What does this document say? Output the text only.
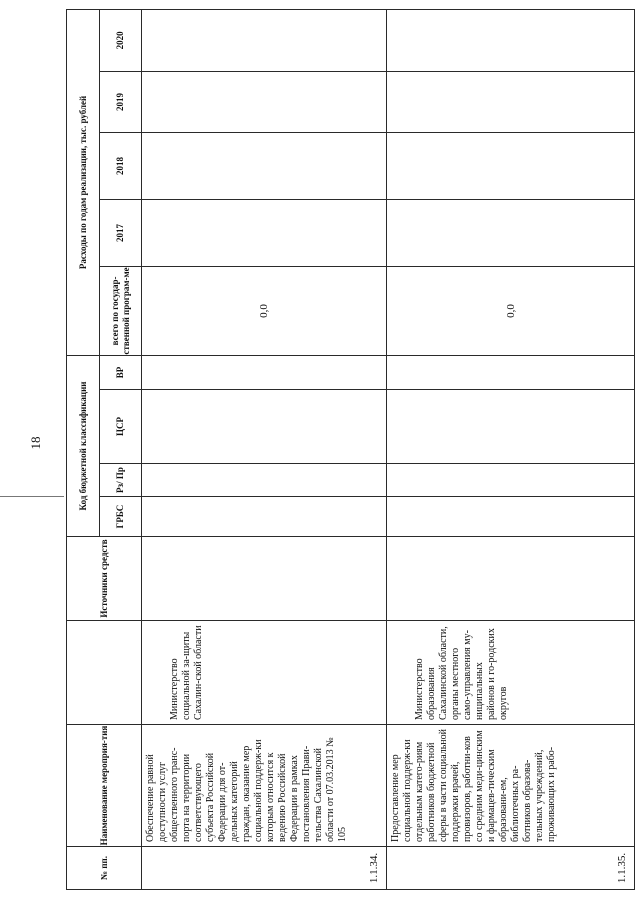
18
№ пп.	Наименование мероприя-тия		Источники средств	Код бюджетной классификации				Расходы по годам реализации, тыс. рублей				
				ГРБС	Рз/ Пр	ЦСР	ВР	всего по государ-ственной програм-ме	2017	2018	2019	2020
1.1.34.	Обеспечение равной доступности услуг общественного транс-порта на территории соответствующего субъекта Российской Федерации для от-дельных категорий граждан, оказание мер социальной поддерж-ки которым относится к ведению Российской Федерации в рамках постановления Прави-тельства Сахалинской области от 07.03.2013 № 105	Министерство социальной за-щиты Сахалин-ской области						0,0				
1.1.35.	Предоставление мер социальной поддерж-ки отдельным катего-риям работников бюджетной сферы в части социальной поддержки врачей, провизоров, работни-ков со средним меди-цинским и фармацев-тическим образовани-ем, библиотечных ра-ботников образова-тельных учреждений, проживающих и рабо-	Министерство образования Сахалинской области, органы местного само-управления му-ниципальных районов и го-родских округов						0,0				
